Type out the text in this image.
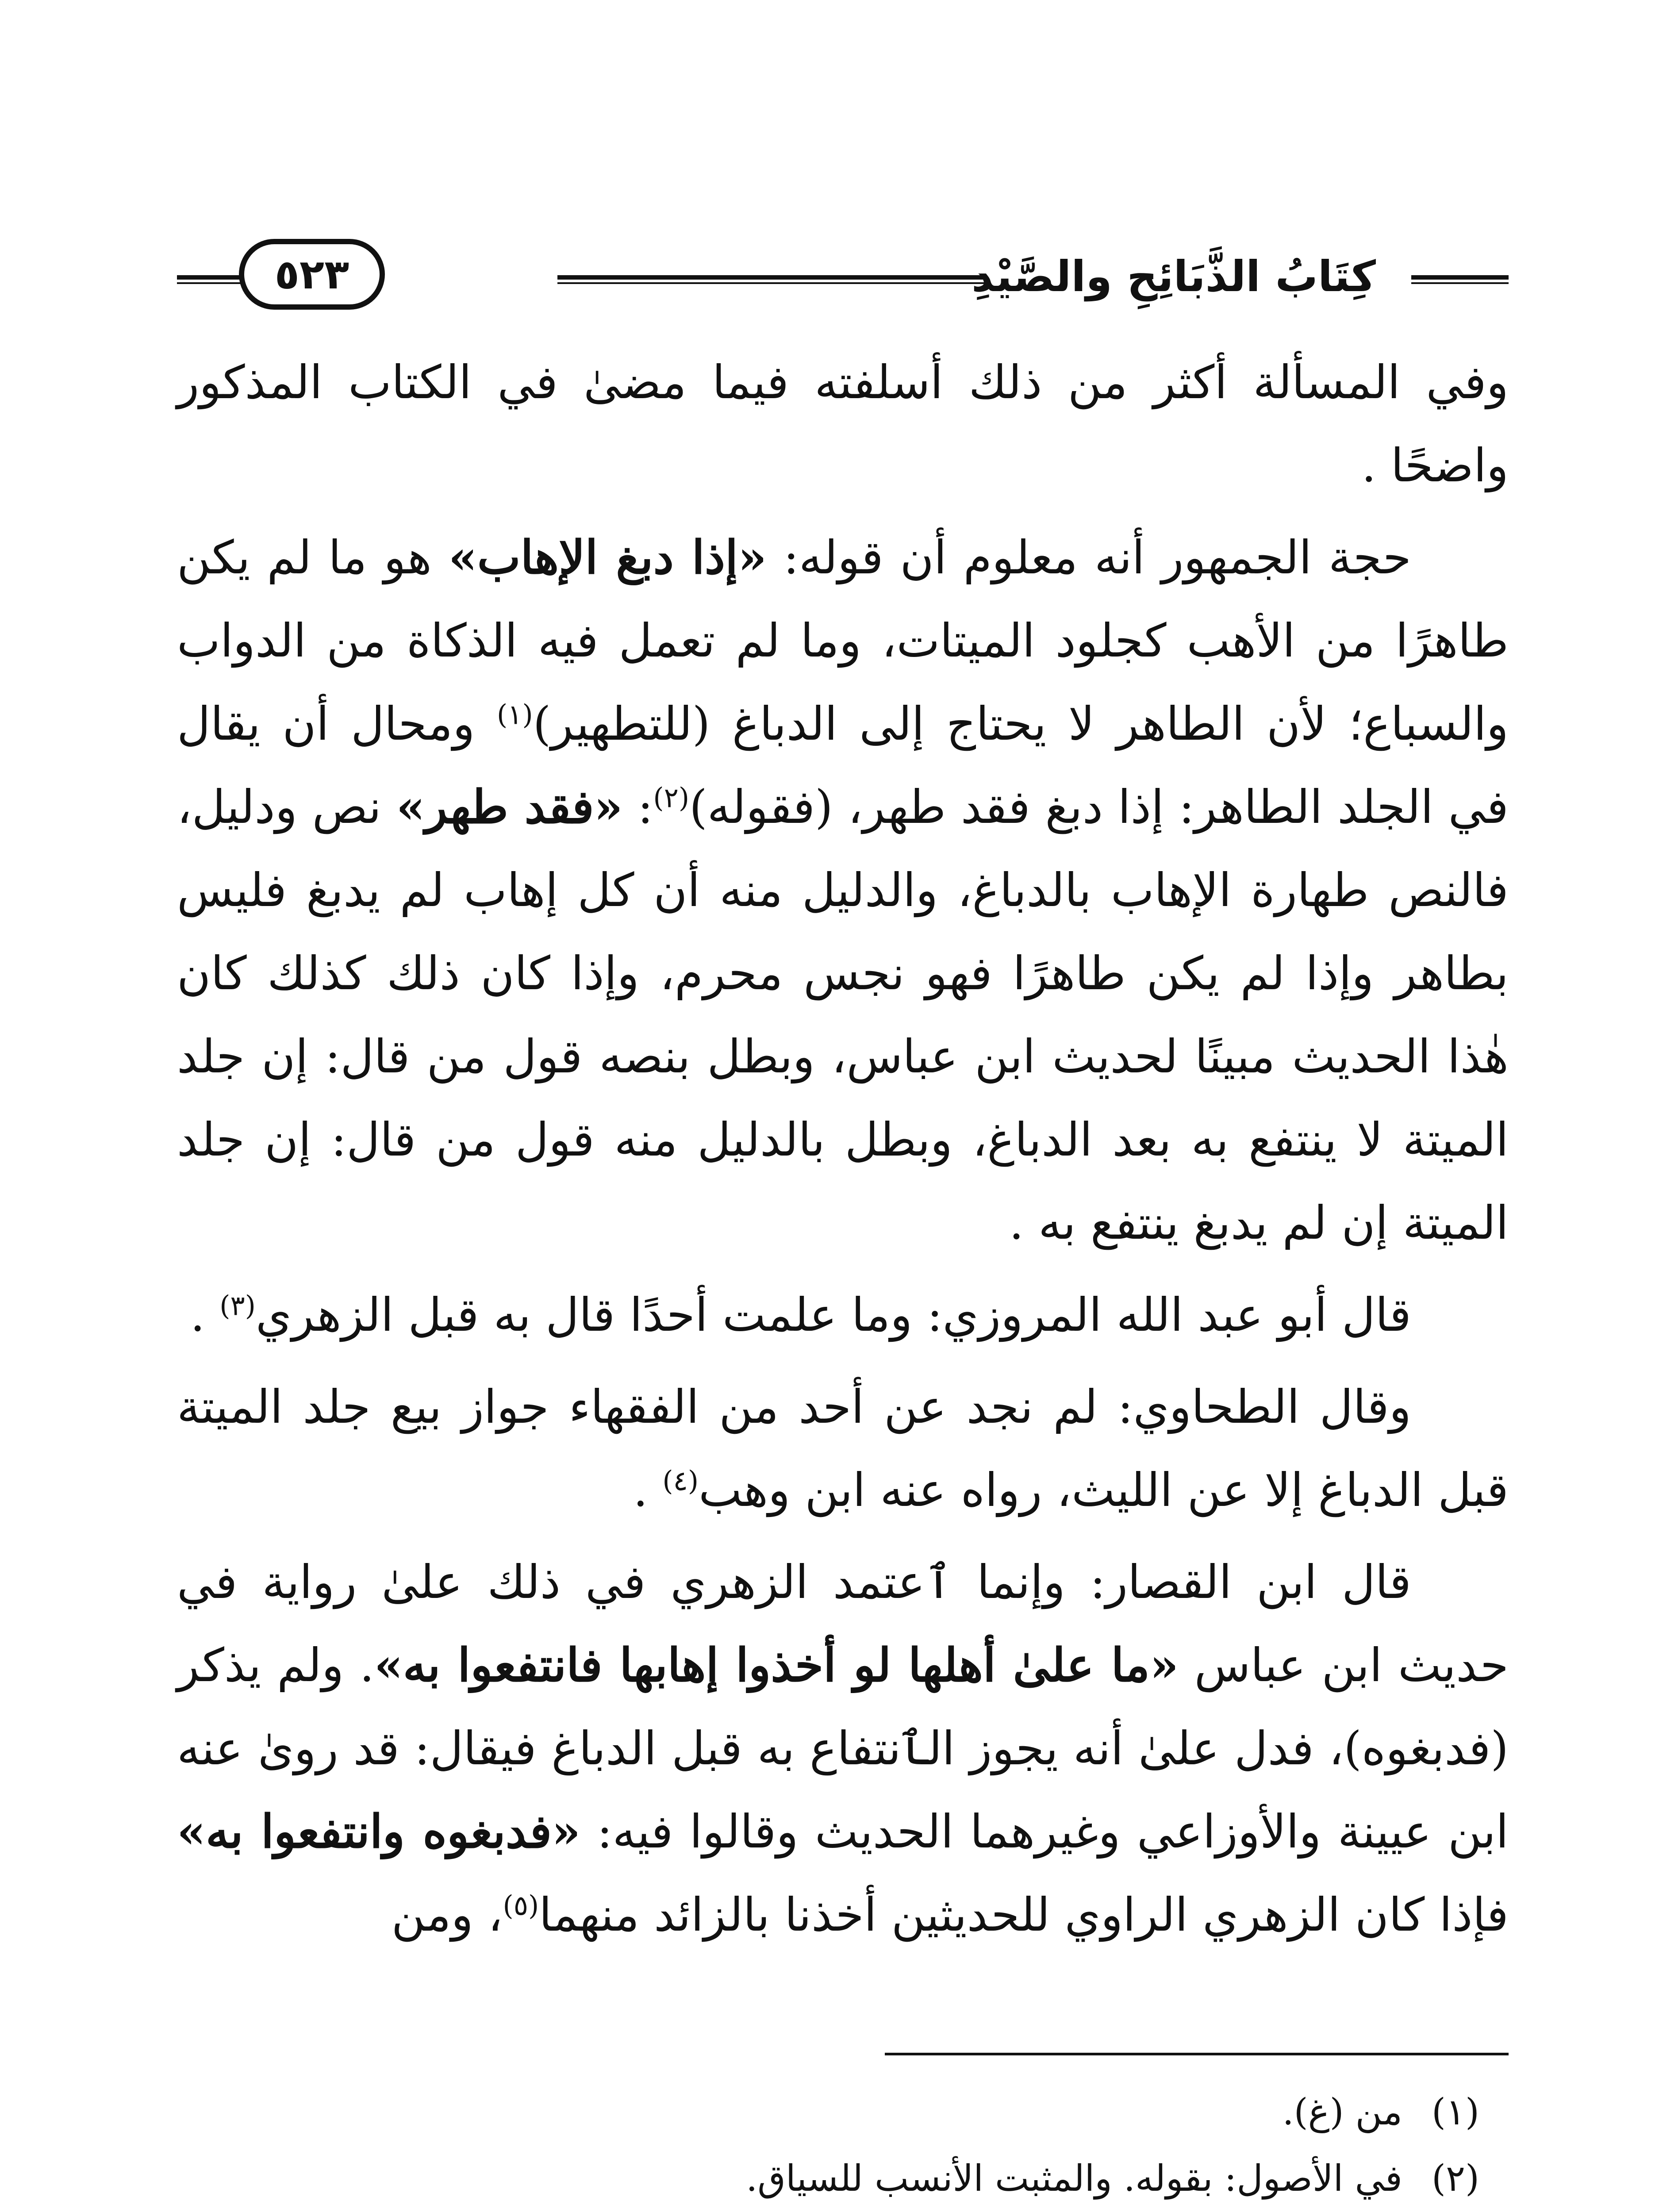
كِتَابُ الذَّبَائِحِ والصَّيْدِ
٥٢٣

وفي المسألة أكثر من ذلك أسلفته فيما مضىٰ في الكتاب المذكور واضحًا .

حجة الجمهور أنه معلوم أن قوله: «إذا دبغ الإهاب» هو ما لم يكن طاهرًا من الأهب كجلود الميتات، وما لم تعمل فيه الذكاة من الدواب والسباع؛ لأن الطاهر لا يحتاج إلى الدباغ (للتطهير)$^{(١)}$ ومحال أن يقال في الجلد الطاهر: إذا دبغ فقد طهر، (فقوله)$^{(٢)}$: «فقد طهر» نص ودليل، فالنص طهارة الإهاب بالدباغ، والدليل منه أن كل إهاب لم يدبغ فليس بطاهر وإذا لم يكن طاهرًا فهو نجس محرم، وإذا كان ذلك كذلك كان هٰذا الحديث مبينًا لحديث ابن عباس، وبطل بنصه قول من قال: إن جلد الميتة لا ينتفع به بعد الدباغ، وبطل بالدليل منه قول من قال: إن جلد الميتة إن لم يدبغ ينتفع به .

قال أبو عبد الله المروزي: وما علمت أحدًا قال به قبل الزهري$^{(٣)}$ .

وقال الطحاوي: لم نجد عن أحد من الفقهاء جواز بيع جلد الميتة قبل الدباغ إلا عن الليث، رواه عنه ابن وهب$^{(٤)}$ .

قال ابن القصار: وإنما ٱعتمد الزهري في ذلك علىٰ رواية في حديث ابن عباس «ما علىٰ أهلها لو أخذوا إهابها فانتفعوا به». ولم يذكر (فدبغوه)، فدل علىٰ أنه يجوز الٱنتفاع به قبل الدباغ فيقال: قد روىٰ عنه ابن عيينة والأوزاعي وغيرهما الحديث وقالوا فيه: «فدبغوه وانتفعوا به» فإذا كان الزهري الراوي للحديثين أخذنا بالزائد منهما$^{(٥)}$، ومن

(١)
من (غ).
(٢)
في الأصول: بقوله. والمثبت الأنسب للسياق.
